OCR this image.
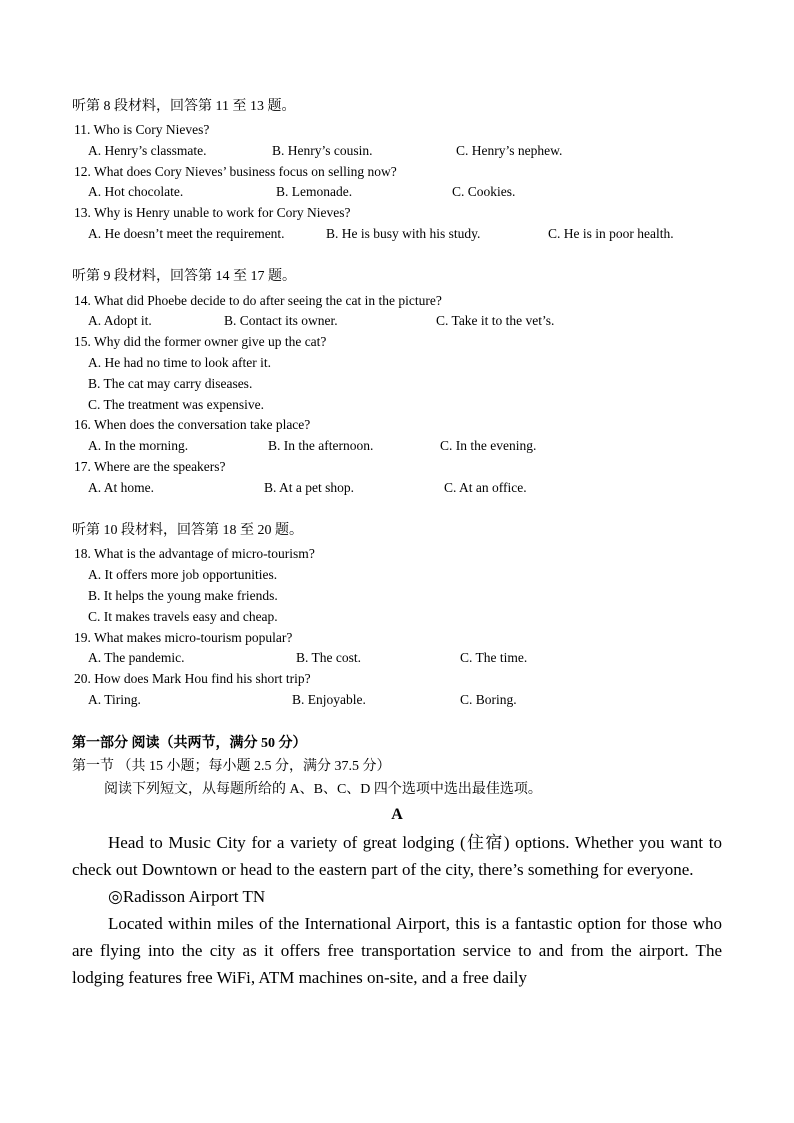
听第 8 段材料，回答第 11 至 13 题。
11. Who is Cory Nieves?
A. Henry’s classmate.	B. Henry’s cousin.	C. Henry’s nephew.
12. What does Cory Nieves’ business focus on selling now?
A. Hot chocolate.	B. Lemonade.	C. Cookies.
13. Why is Henry unable to work for Cory Nieves?
A. He doesn’t meet the requirement.	B. He is busy with his study.	C. He is in poor health.
听第 9 段材料，回答第 14 至 17 题。
14. What did Phoebe decide to do after seeing the cat in the picture?
A. Adopt it.	B. Contact its owner.	C. Take it to the vet’s.
15. Why did the former owner give up the cat?
A. He had no time to look after it.
B. The cat may carry diseases.
C. The treatment was expensive.
16. When does the conversation take place?
A. In the morning.	B. In the afternoon.	C. In the evening.
17. Where are the speakers?
A. At home.	B. At a pet shop.	C. At an office.
听第 10 段材料，回答第 18 至 20 题。
18. What is the advantage of micro-tourism?
A. It offers more job opportunities.
B. It helps the young make friends.
C. It makes travels easy and cheap.
19. What makes micro-tourism popular?
A. The pandemic.	B. The cost.	C. The time.
20. How does Mark Hou find his short trip?
A. Tiring.	B. Enjoyable.	C. Boring.
第一部分 阅读（共两节，满分 50 分）
第一节 （共 15 小题；每小题 2.5 分，满分 37.5 分）
阅读下列短文，从每题所给的 A、B、C、D 四个选项中选出最佳选项。
A

Head to Music City for a variety of great lodging (住宿) options. Whether you want to check out Downtown or head to the eastern part of the city, there’s something for everyone.

◎Radisson Airport TN

Located within miles of the International Airport, this is a fantastic option for those who are flying into the city as it offers free transportation service to and from the airport. The lodging features free WiFi, ATM machines on-site, and a free daily
